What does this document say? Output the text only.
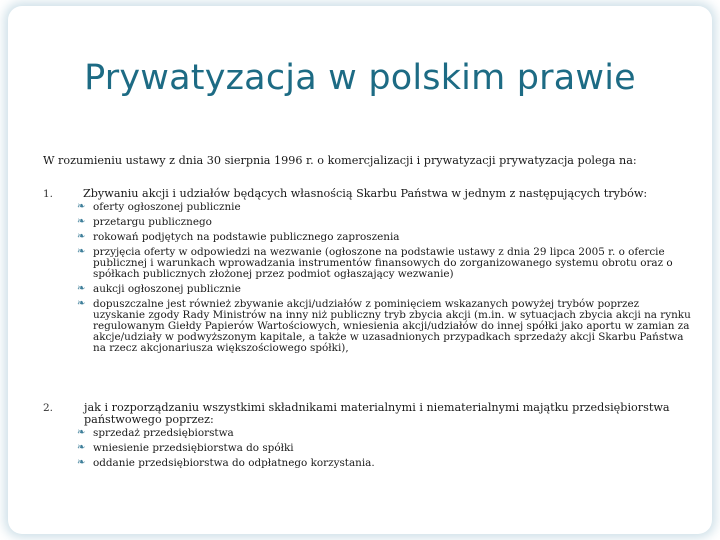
Prywatyzacja w polskim prawie

W rozumieniu ustawy z dnia 30 sierpnia 1996 r. o komercjalizacji i prywatyzacji prywatyzacja polega na:

1.	Zbywaniu akcji i udziałów będących własnością Skarbu Państwa w jednym z następujących trybów:
❧ oferty ogłoszonej publicznie
❧ przetargu publicznego
❧ rokowań podjętych na podstawie publicznego zaproszenia
❧ przyjęcia oferty w odpowiedzi na wezwanie (ogłoszone na podstawie ustawy z dnia 29 lipca 2005 r. o ofercie publicznej i warunkach wprowadzania instrumentów finansowych do zorganizowanego systemu obrotu oraz o spółkach publicznych złożonej przez podmiot ogłaszający wezwanie)
❧ aukcji ogłoszonej publicznie
❧ dopuszczalne jest również zbywanie akcji/udziałów z pominięciem wskazanych powyżej trybów poprzez uzyskanie zgody Rady Ministrów na inny niż publiczny tryb zbycia akcji (m.in. w sytuacjach zbycia akcji na rynku regulowanym Giełdy Papierów Wartościowych, wniesienia akcji/udziałów do innej spółki jako aportu w zamian za akcje/udziały w podwyższonym kapitale, a także w uzasadnionych przypadkach sprzedaży akcji Skarbu Państwa na rzecz akcjonariusza większościowego spółki),
2.	jak i rozporządzaniu wszystkimi składnikami materialnymi i niematerialnymi majątku przedsiębiorstwa państwowego poprzez:
❧ sprzedaż przedsiębiorstwa
❧ wniesienie przedsiębiorstwa do spółki
❧ oddanie przedsiębiorstwa do odpłatnego korzystania.
